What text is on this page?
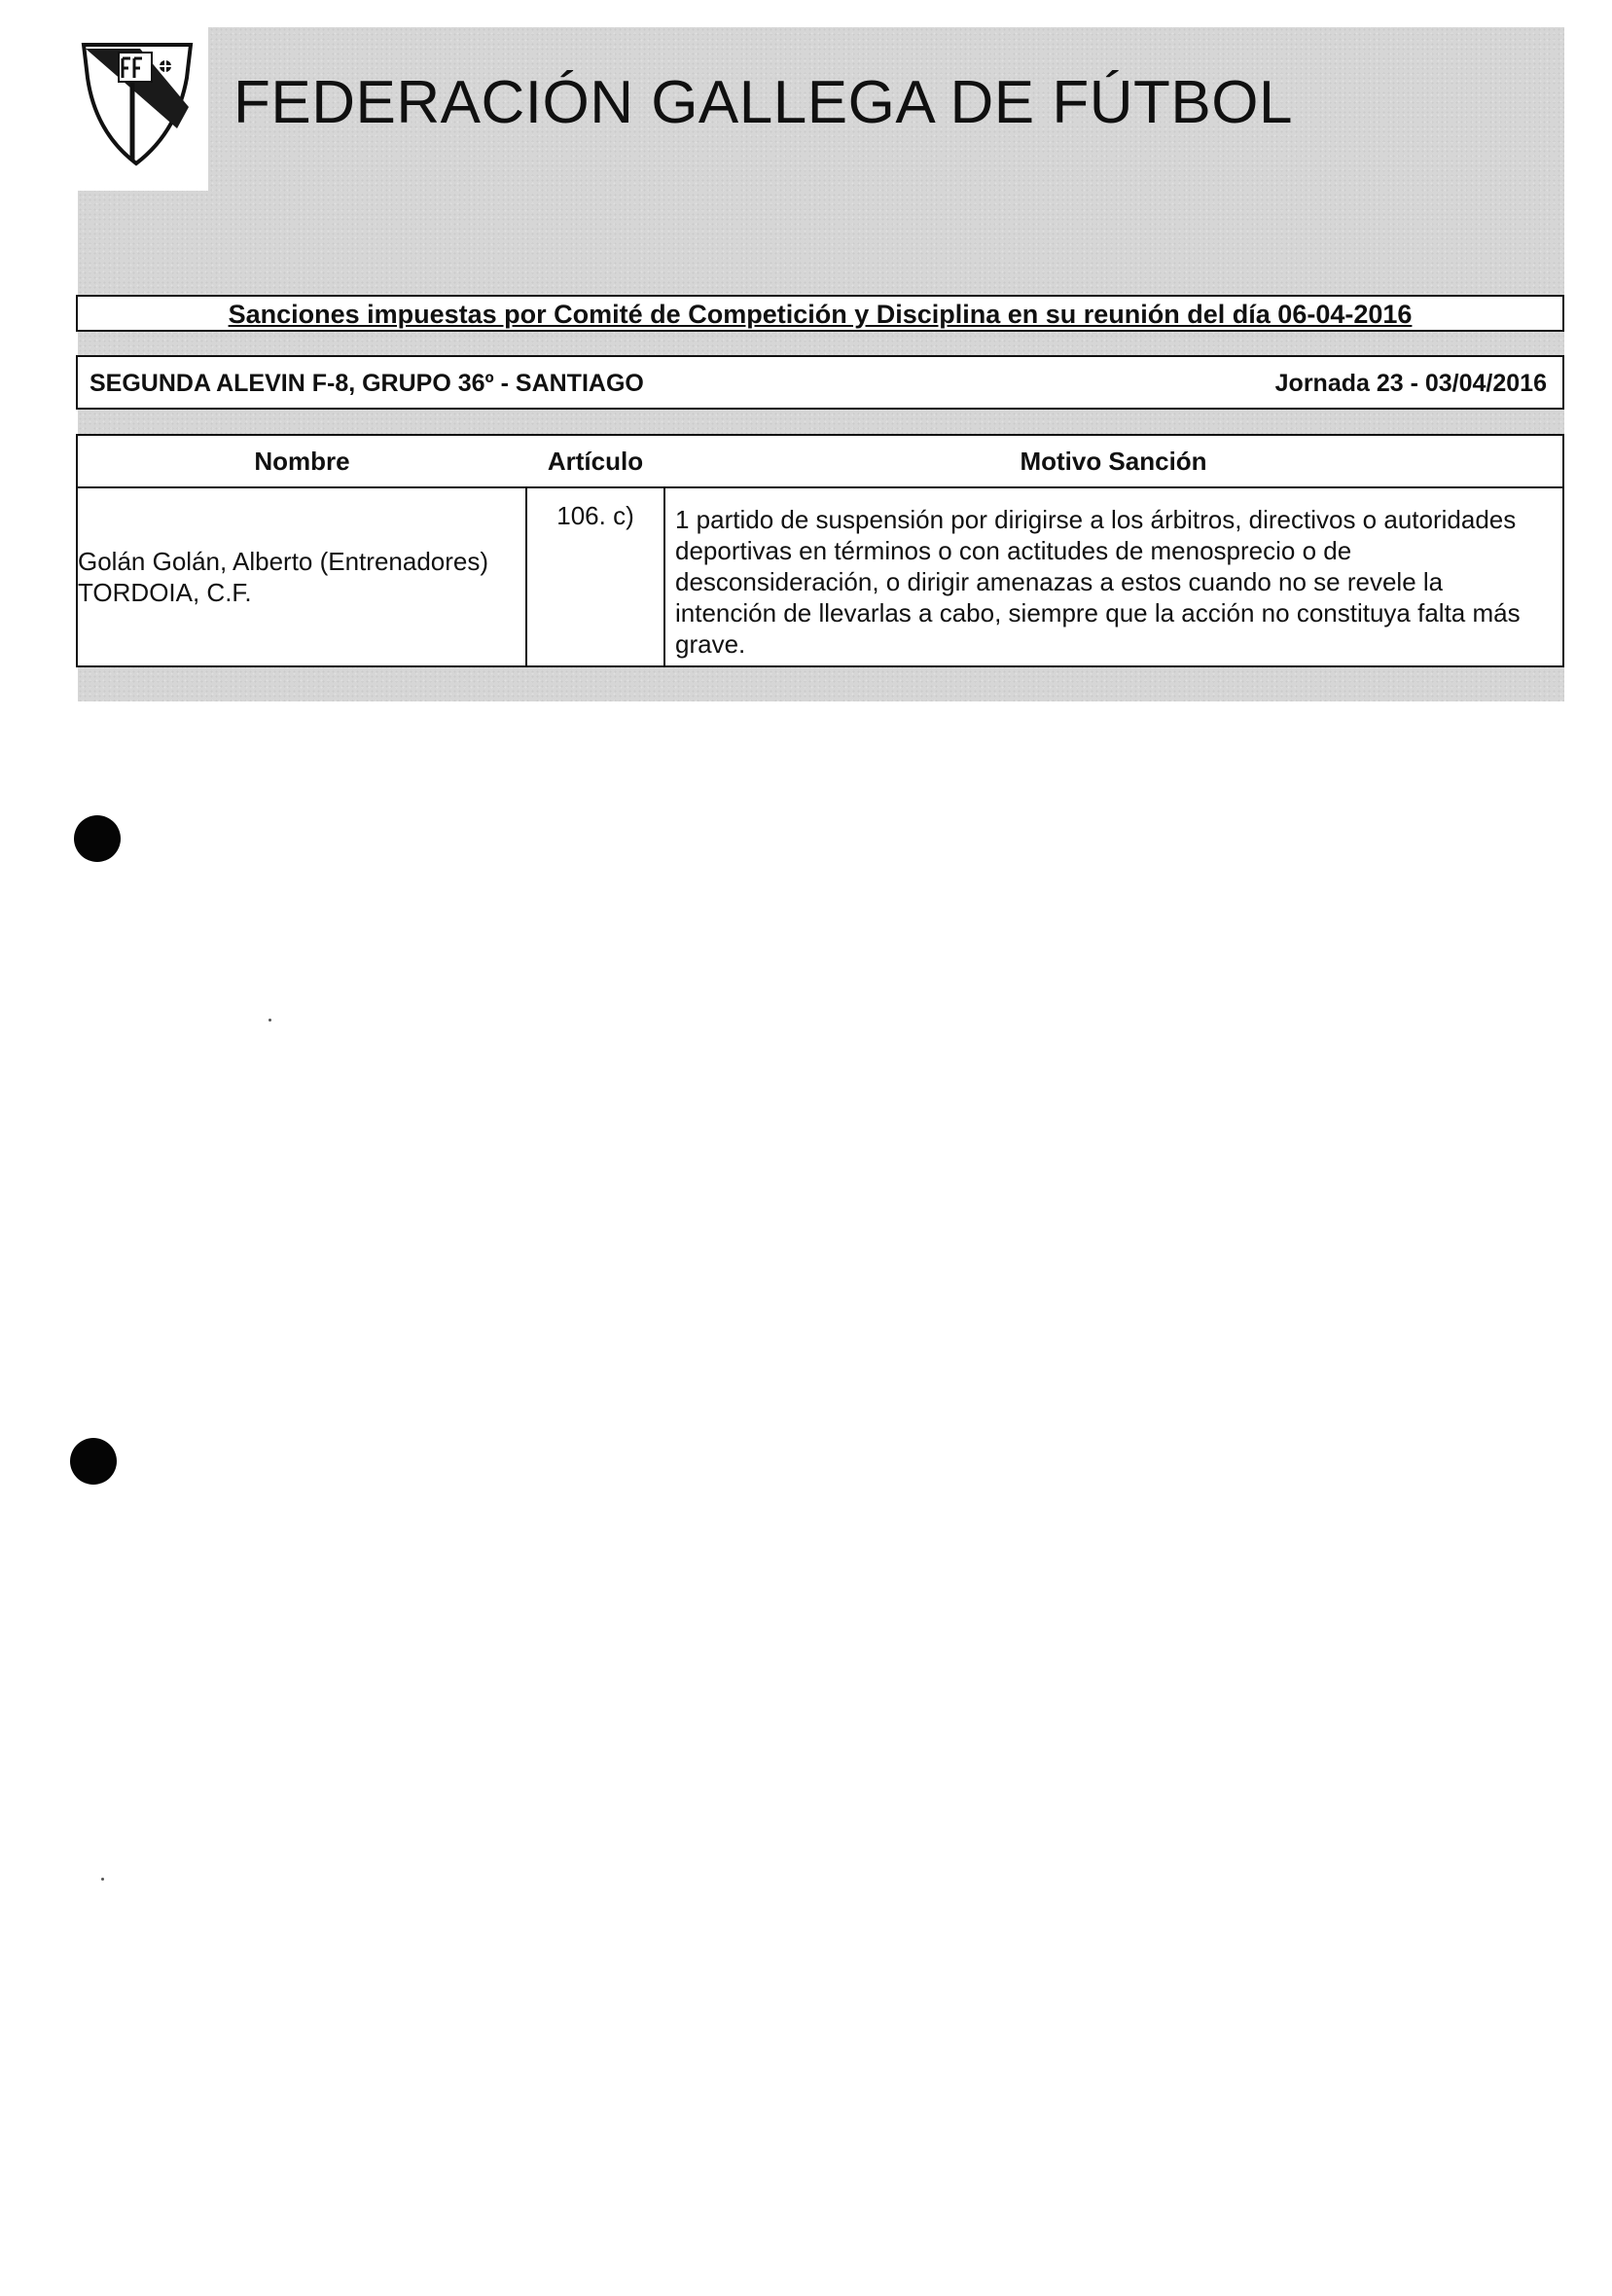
FEDERACIÓN GALLEGA DE FÚTBOL
Sanciones impuestas por Comité de Competición y Disciplina en su reunión del día 06-04-2016
SEGUNDA ALEVIN F-8, GRUPO 36º - SANTIAGO	Jornada 23 - 03/04/2016
Nombre	Artículo	Motivo Sanción

Golán Golán, Alberto (Entrenadores)
TORDOIA, C.F.	106. c)	1 partido de suspensión por dirigirse a los árbitros, directivos o autoridades deportivas en términos o con actitudes de menosprecio o de desconsideración, o dirigir amenazas a estos cuando no se revele la intención de llevarlas a cabo, siempre que la acción no constituya falta más grave.
